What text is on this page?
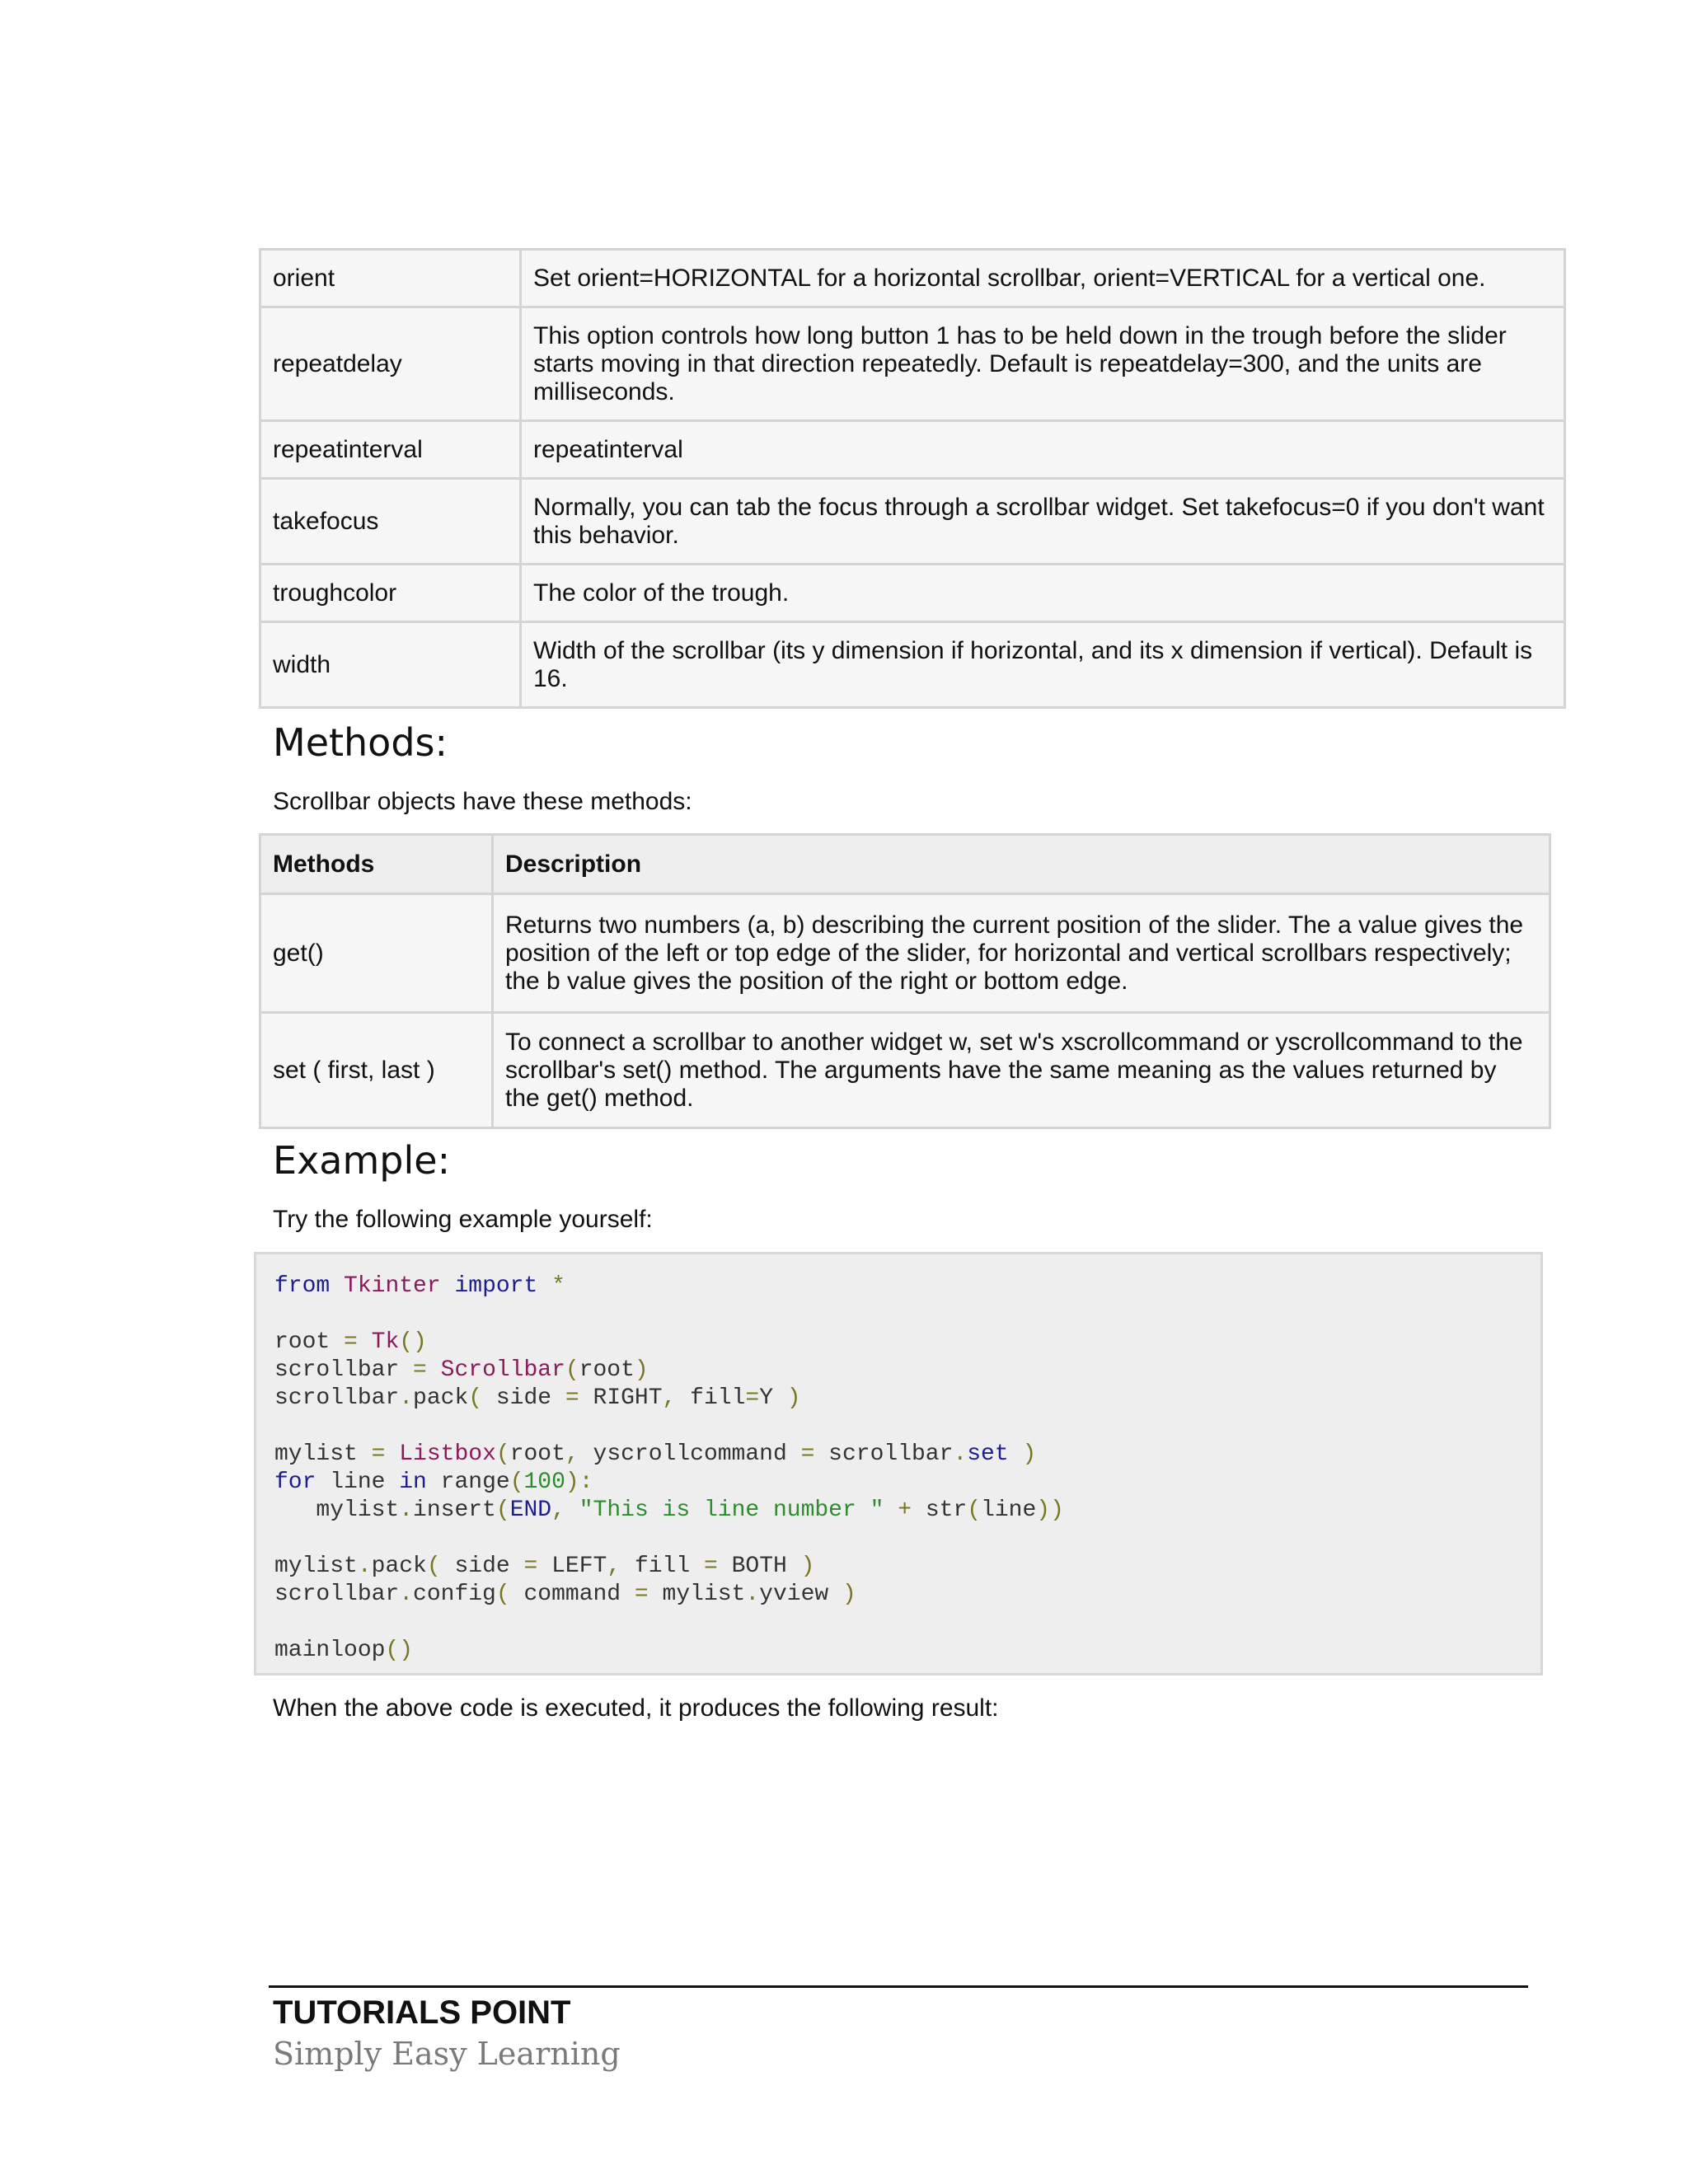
orient	Set orient=HORIZONTAL for a horizontal scrollbar, orient=VERTICAL for a vertical one.
repeatdelay	This option controls how long button 1 has to be held down in the trough before the slider starts moving in that direction repeatedly. Default is repeatdelay=300, and the units are milliseconds.
repeatinterval	repeatinterval
takefocus	Normally, you can tab the focus through a scrollbar widget. Set takefocus=0 if you don't want this behavior.
troughcolor	The color of the trough.
width	Width of the scrollbar (its y dimension if horizontal, and its x dimension if vertical). Default is 16.
Methods:

Scrollbar objects have these methods:

Methods	Description
get()	Returns two numbers (a, b) describing the current position of the slider. The a value gives the position of the left or top edge of the slider, for horizontal and vertical scrollbars respectively; the b value gives the position of the right or bottom edge.
set ( first, last )	To connect a scrollbar to another widget w, set w's xscrollcommand or yscrollcommand to the scrollbar's set() method. The arguments have the same meaning as the values returned by the get() method.
Example:

Try the following example yourself:

from Tkinter import *
root = Tk()
scrollbar = Scrollbar(root)
scrollbar.pack( side = RIGHT, fill=Y )
mylist = Listbox(root, yscrollcommand = scrollbar.set )
for line in range(100):
mylist.insert(END, "This is line number " + str(line))
mylist.pack( side = LEFT, fill = BOTH )
scrollbar.config( command = mylist.yview )
mainloop()

When the above code is executed, it produces the following result:

TUTORIALS POINT
Simply Easy Learning
